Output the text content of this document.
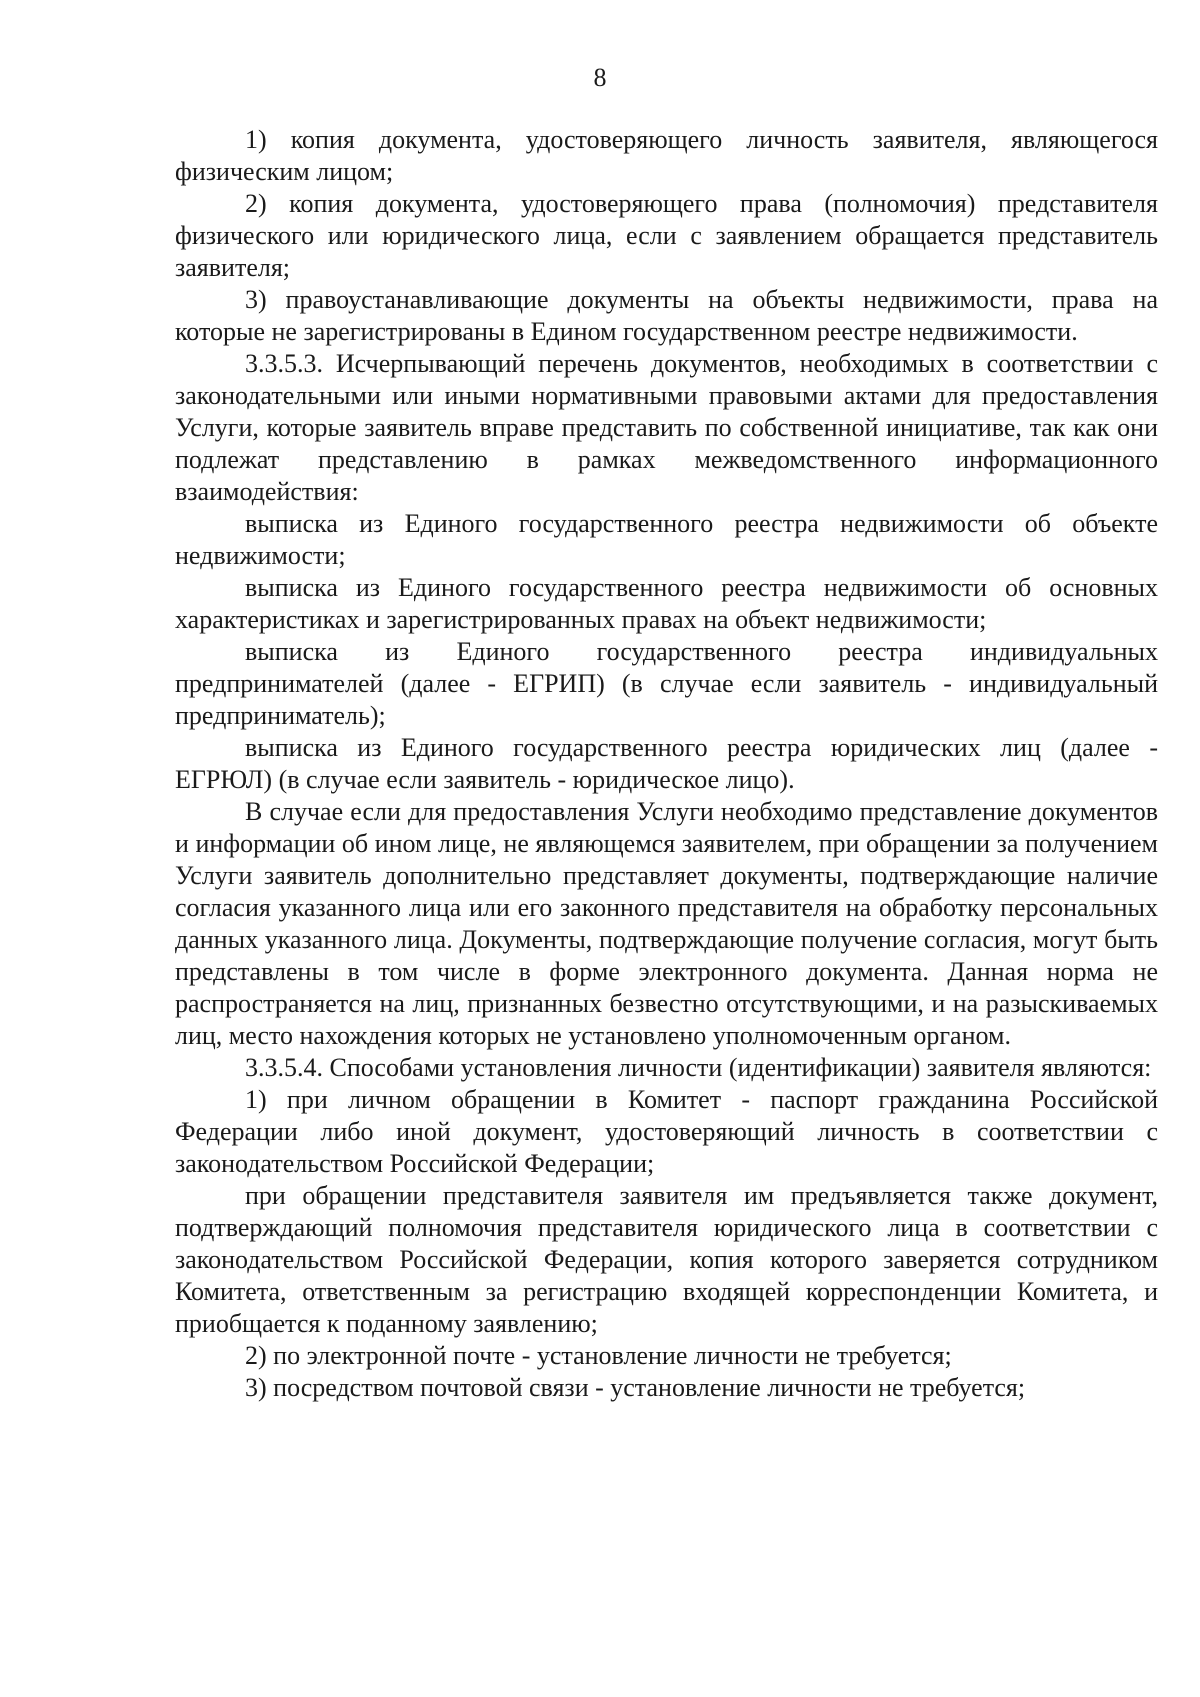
8

1) копия документа, удостоверяющего личность заявителя, являющегося физическим лицом;

2) копия документа, удостоверяющего права (полномочия) представителя физического или юридического лица, если с заявлением обращается представитель заявителя;

3) правоустанавливающие документы на объекты недвижимости, права на которые не зарегистрированы в Едином государственном реестре недвижимости.

3.3.5.3. Исчерпывающий перечень документов, необходимых в соответствии с законодательными или иными нормативными правовыми актами для предоставления Услуги, которые заявитель вправе представить по собственной инициативе, так как они подлежат представлению в рамках межведомственного информационного взаимодействия:

выписка из Единого государственного реестра недвижимости об объекте недвижимости;

выписка из Единого государственного реестра недвижимости об основных характеристиках и зарегистрированных правах на объект недвижимости;

выписка из Единого государственного реестра индивидуальных предпринимателей (далее - ЕГРИП) (в случае если заявитель - индивидуальный предприниматель);

выписка из Единого государственного реестра юридических лиц (далее - ЕГРЮЛ) (в случае если заявитель - юридическое лицо).

В случае если для предоставления Услуги необходимо представление документов и информации об ином лице, не являющемся заявителем, при обращении за получением Услуги заявитель дополнительно представляет документы, подтверждающие наличие согласия указанного лица или его законного представителя на обработку персональных данных указанного лица. Документы, подтверждающие получение согласия, могут быть представлены в том числе в форме электронного документа. Данная норма не распространяется на лиц, признанных безвестно отсутствующими, и на разыскиваемых лиц, место нахождения которых не установлено уполномоченным органом.

3.3.5.4. Способами установления личности (идентификации) заявителя являются:

1) при личном обращении в Комитет - паспорт гражданина Российской Федерации либо иной документ, удостоверяющий личность в соответствии с законодательством Российской Федерации;

при обращении представителя заявителя им предъявляется также документ, подтверждающий полномочия представителя юридического лица в соответствии с законодательством Российской Федерации, копия которого заверяется сотрудником Комитета, ответственным за регистрацию входящей корреспонденции Комитета, и приобщается к поданному заявлению;

2) по электронной почте - установление личности не требуется;

3) посредством почтовой связи - установление личности не требуется;
